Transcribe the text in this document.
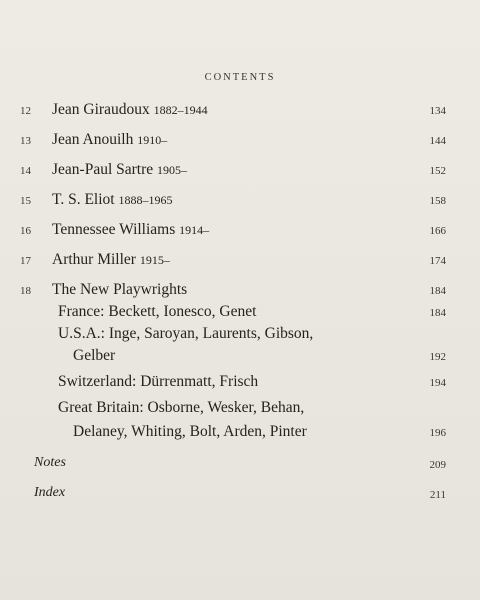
CONTENTS
12	Jean Giraudoux 1882–1944	134
13	Jean Anouilh 1910–	144
14	Jean-Paul Sartre 1905–	152
15	T. S. Eliot 1888–1965	158
16	Tennessee Williams 1914–	166
17	Arthur Miller 1915–	174
18	The New Playwrights	184
France: Beckett, Ionesco, Genet	184
U.S.A.: Inge, Saroyan, Laurents, Gibson,
Gelber	192
Switzerland: Dürrenmatt, Frisch	194
Great Britain: Osborne, Wesker, Behan,
Delaney, Whiting, Bolt, Arden, Pinter	196
Notes	209
Index	211
